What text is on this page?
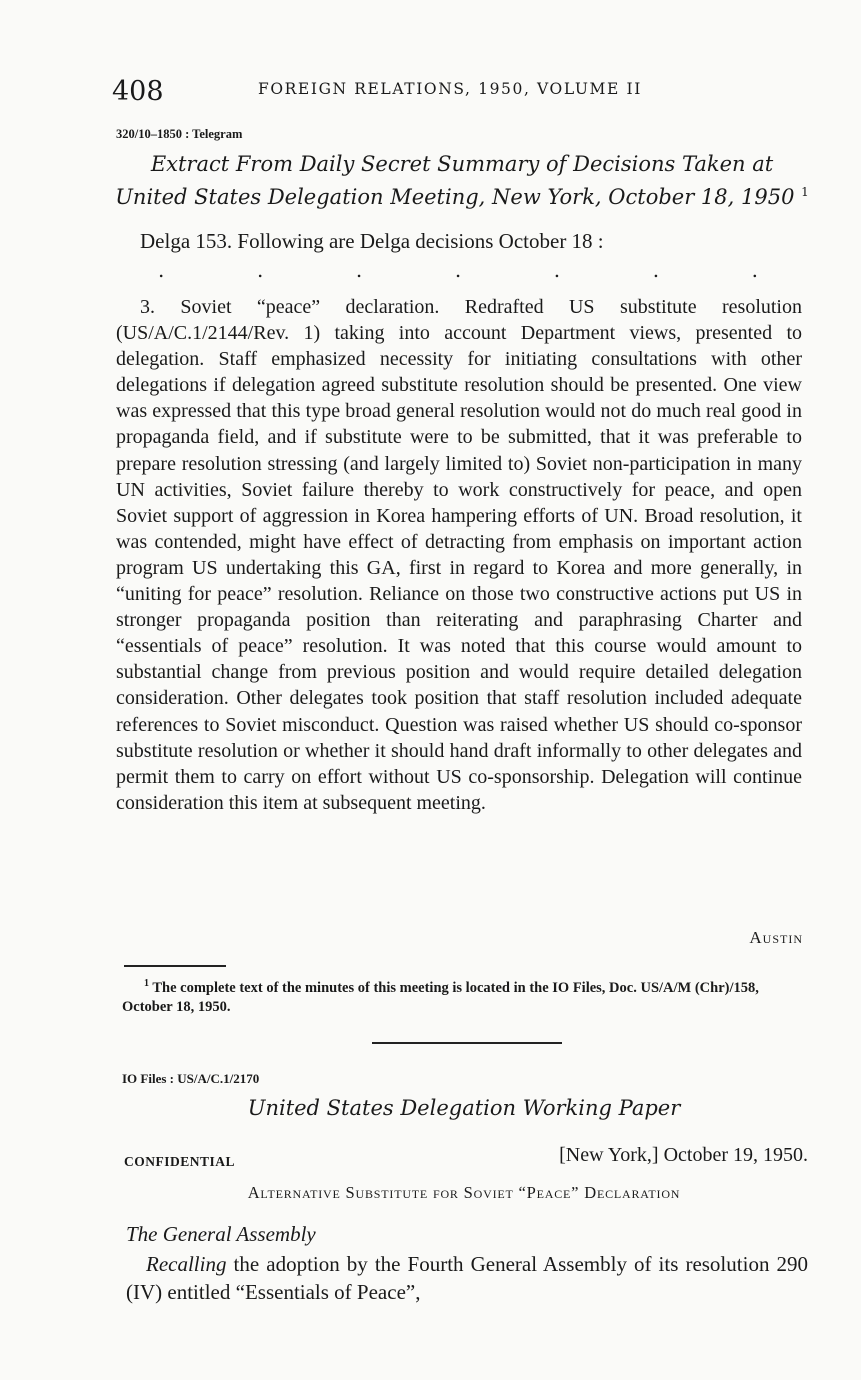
408	FOREIGN RELATIONS, 1950, VOLUME II
320/10–1850 : Telegram
Extract From Daily Secret Summary of Decisions Taken at United States Delegation Meeting, New York, October 18, 1950 $^1$
Delga 153. Following are Delga decisions October 18 :
.	.	.	.	.	.	.
3. Soviet “peace” declaration. Redrafted US substitute resolution (US/A/C.1/2144/Rev. 1) taking into account Department views, presented to delegation. Staff emphasized necessity for initiating consultations with other delegations if delegation agreed substitute resolution should be presented. One view was expressed that this type broad general resolution would not do much real good in propaganda field, and if substitute were to be submitted, that it was preferable to prepare resolution stressing (and largely limited to) Soviet non-participation in many UN activities, Soviet failure thereby to work constructively for peace, and open Soviet support of aggression in Korea hampering efforts of UN. Broad resolution, it was contended, might have effect of detracting from emphasis on important action program US undertaking this GA, first in regard to Korea and more generally, in “uniting for peace” resolution. Reliance on those two constructive actions put US in stronger propaganda position than reiterating and paraphrasing Charter and “essentials of peace” resolution. It was noted that this course would amount to substantial change from previous position and would require detailed delegation consideration. Other delegates took position that staff resolution included adequate references to Soviet misconduct. Question was raised whether US should co-sponsor substitute resolution or whether it should hand draft informally to other delegates and permit them to carry on effort without US co-sponsorship. Delegation will continue consideration this item at subsequent meeting.
Austin
$^1$ The complete text of the minutes of this meeting is located in the IO Files, Doc. US/A/M (Chr)/158, October 18, 1950.
IO Files : US/A/C.1/2170
United States Delegation Working Paper
CONFIDENTIAL	[New York,] October 19, 1950.
Alternative Substitute for Soviet “Peace” Declaration
The General Assembly
Recalling the adoption by the Fourth General Assembly of its resolution 290 (IV) entitled “Essentials of Peace”,
